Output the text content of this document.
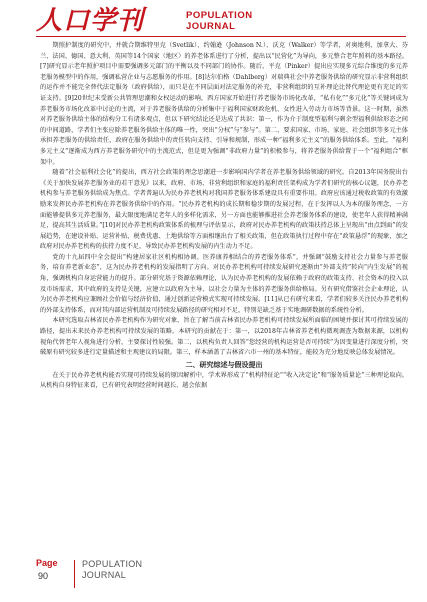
人口学刊	POPULATION
JOURNAL

期照护制度的研究中，并就合期维特里克（Svetlik）、约翰逊（Johnson N.）、沃克（Walker）等学者，对奥地利、加拿大、芬兰、法国、德国、意大利、英国等14个国家（地区）的养老体系进行了分析，提出以“民营化”为导向，多元整合老年照料的基本路径。[7]研究显示老年照护项目中需要强调多元部门的平衡以及不同部门的协作。随后，平克（Pinker）提出应实现多元综合维度的多元养老服务模型中的作用，强调私营企业与志愿服务的作用。[8]达尔伯格（Dahlberg）对瑞典社会中养老服务供给的研究显示非营利组织的运作并不能完全替代法定服务（政府供给），而只是在不同层面对法定服务的补充，非营利组织的互补理论比替代理论更有充足的实证支持。[9]20世纪末受新公共管理思潮和女权运动的影响，西方国家开始进行养老服务市场化改革，“私有化”“多元化”等关键词成为养老服务市场化改革中讨论的主流，对于养老服务供给的分析集中于福利国家财政危机、女性进入劳动力市场等背景。这一时期，虽然对养老服务供给主体的结构分工有诸多观点，但以下研究结论还是达成了共识：第一，作为介于制度型福利与剩余型福利供给形态之间的中间道路，学者们主张应除养老服务供给主体的唯一性，突出“分权”与“参与”。第二，要求国家、市场、家庭、社会组织等多元主体承担养老服务的供给责任，政府在服务供给中的责任转向支持、引导和规制，形成一种“福利多元主义”的服务供给体系。至此，“福利多元主义”逐渐成为西方养老服务研究中的主流范式，但是更为强调“非政府力量”的积极参与，将养老服务供给置于一个“福利组合”框架中。

随着“社会福利社会化”的提出，西方社会政策的理念思潮进一步影响国内学者在养老服务供给领域的研究。自2013年国务院出台《关于加快发展养老服务业的若干意见》以来，政府、市场、非营利组织和家庭的福利责任架构成为学者们研究的核心议题，民办养老机构参与养老服务供给成为焦点。学者普遍认为民办养老机构对我国养老服务体系建设具有重要作用。政府应该通过税收政策的有效激励来发挥民办养老机构在养老服务供给中的作用。“民办养老机构的成长期和稳步期的发展过程，在于发挥以人为本的服务理念，一方面能够提供多元养老服务，最大限度地满足老年人的多样化需求，另一方面也能够推进社会养老服务体系的建设，使老年人获得精神满足，提高其生活质量。”[10]对民办养老机构政策体系的梳理与评估显示，政府对民办养老机构的政策扶持总体上呈现出“由点到面”的发展趋势，在建设补贴、运营补贴、税费优惠、土地供给等方面相继出台了相关政策，但在政策执行过程中存在“政策悬浮”的现象，加之政府对民办养老机构的扶持力度不足，导致民办养老机构发展的内生动力不足。

党的十九届四中全会提出“构建居家社区机构相协调、医养康养相结合的养老服务体系”，并强调“鼓励支持社会力量参与养老服务，培育养老新业态”，这为民办养老机构的发展指明了方向。对民办养老机构可持续发展研究逐渐由“外部支持”转向“内生发展”的视角，强调机构自身运营能力的提升。部分研究基于资源依赖理论，认为民办养老机构的发展依赖于政府的政策支持、社会资本的投入以及市场需求，其中政府的支持是关键，应建立以政府为主导、以社会力量为主体的养老服务供给格局。另有研究借鉴社会企业理论，认为民办养老机构应兼顾社会价值与经济价值，通过创新运营模式实现可持续发展。[11]从已有研究来看，学者们较多关注民办养老机构的外部支持体系，而对其内部运营机制及可持续发展路径的研究相对不足，特别是缺乏基于实地调研数据的系统性分析。

本研究选取吉林省民办养老机构作为研究对象，旨在了解当前吉林省民办养老机构可持续发展所面临的困境并探讨其可持续发展的路径，提出未来民办养老机构可持续发展的策略。本研究的贡献在于：第一，以2018年吉林省养老机构微观调查为数据来源，以机构视角代替老年人视角进行分析，主要探讨性较强。第二，以机构负责人回答“您经营的机构运营是否可持续”为因变量进行深度分析，突破原有研究较多进行定量描述和主观建议的局限。第三，样本涵盖了吉林省六市一州的基本特征，能较为充分地反映总体发展情况。

二、研究综述与假设提出

在关于民办养老机构能否实现可持续发展的原因解析中，学术界形成了“机构特征论”“收入决定论”和“服务质量论”三种理论取向。从机构自身特征来看，已有研究表明经营时间越长、越会依据

Page
90
POPULATION
JOURNAL
